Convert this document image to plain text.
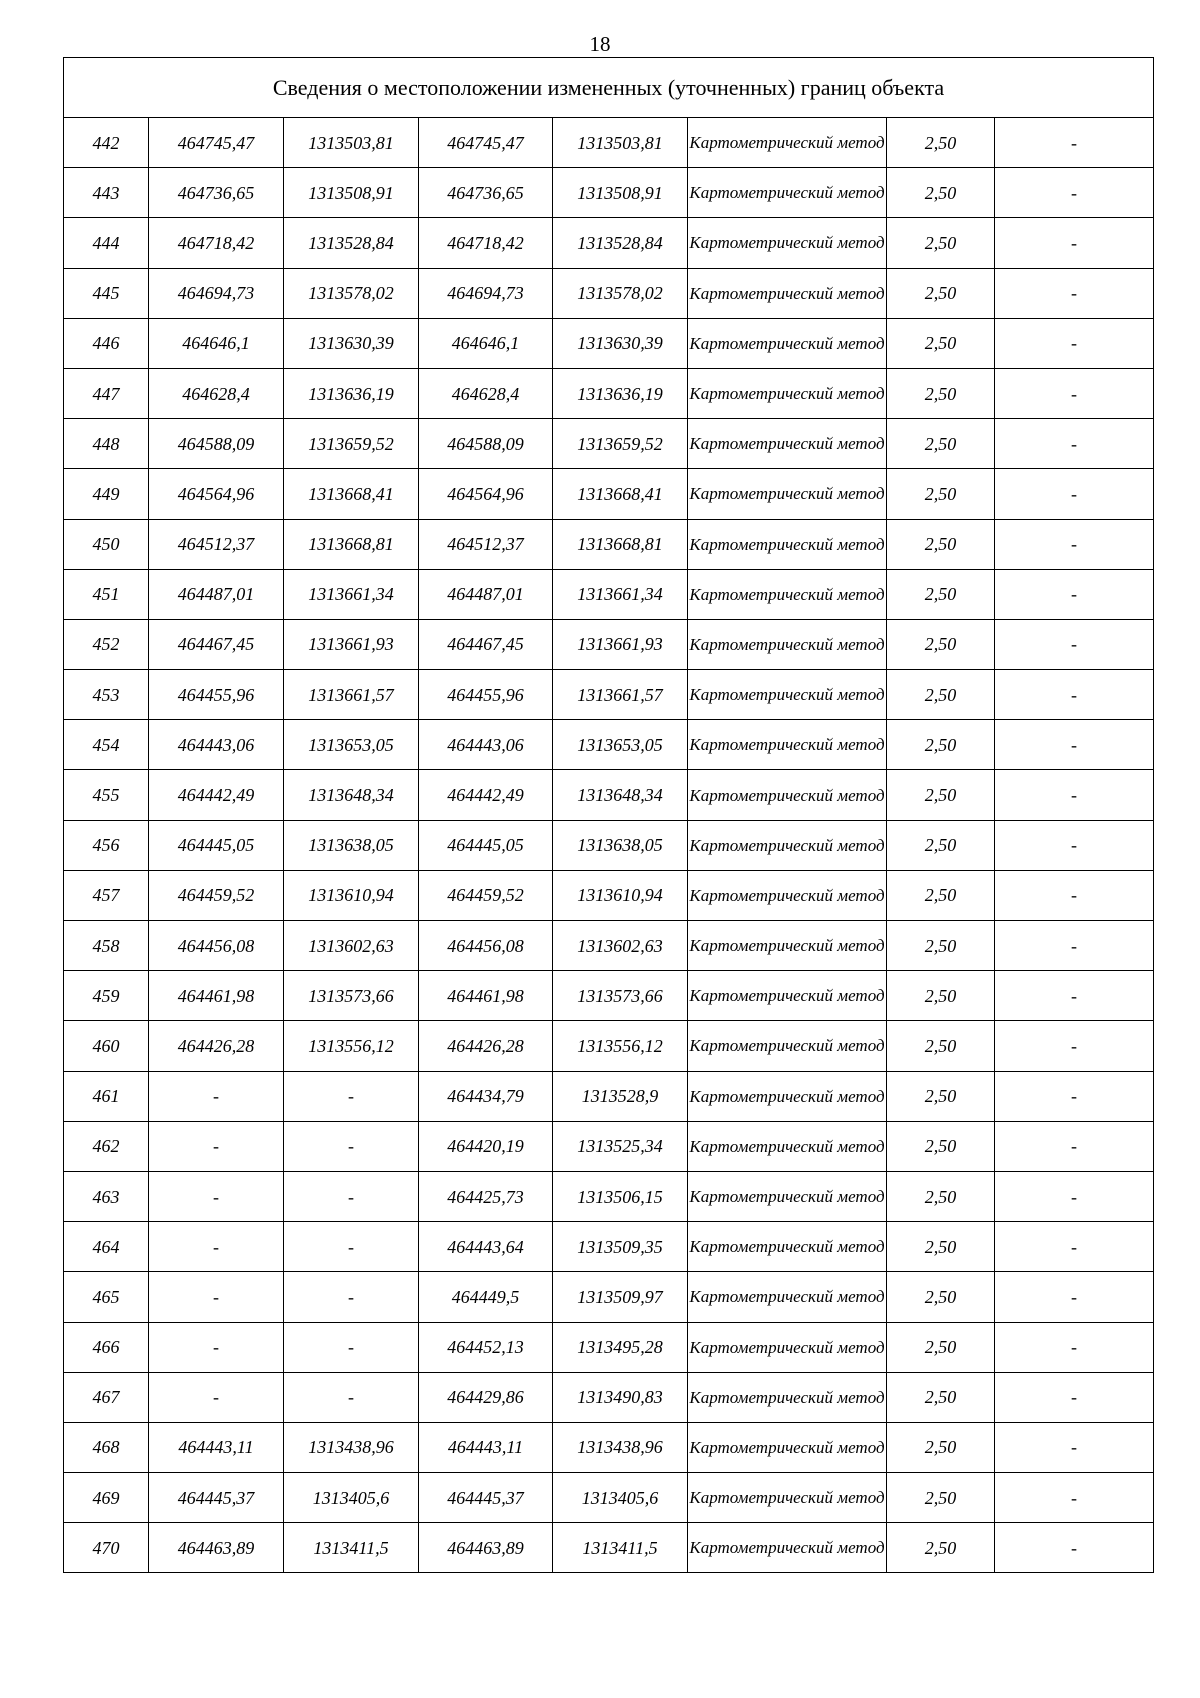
18
Сведения о местоположении измененных (уточненных) границ объекта							
442	464745,47	1313503,81	464745,47	1313503,81	Картометрический метод	2,50	-
443	464736,65	1313508,91	464736,65	1313508,91	Картометрический метод	2,50	-
444	464718,42	1313528,84	464718,42	1313528,84	Картометрический метод	2,50	-
445	464694,73	1313578,02	464694,73	1313578,02	Картометрический метод	2,50	-
446	464646,1	1313630,39	464646,1	1313630,39	Картометрический метод	2,50	-
447	464628,4	1313636,19	464628,4	1313636,19	Картометрический метод	2,50	-
448	464588,09	1313659,52	464588,09	1313659,52	Картометрический метод	2,50	-
449	464564,96	1313668,41	464564,96	1313668,41	Картометрический метод	2,50	-
450	464512,37	1313668,81	464512,37	1313668,81	Картометрический метод	2,50	-
451	464487,01	1313661,34	464487,01	1313661,34	Картометрический метод	2,50	-
452	464467,45	1313661,93	464467,45	1313661,93	Картометрический метод	2,50	-
453	464455,96	1313661,57	464455,96	1313661,57	Картометрический метод	2,50	-
454	464443,06	1313653,05	464443,06	1313653,05	Картометрический метод	2,50	-
455	464442,49	1313648,34	464442,49	1313648,34	Картометрический метод	2,50	-
456	464445,05	1313638,05	464445,05	1313638,05	Картометрический метод	2,50	-
457	464459,52	1313610,94	464459,52	1313610,94	Картометрический метод	2,50	-
458	464456,08	1313602,63	464456,08	1313602,63	Картометрический метод	2,50	-
459	464461,98	1313573,66	464461,98	1313573,66	Картометрический метод	2,50	-
460	464426,28	1313556,12	464426,28	1313556,12	Картометрический метод	2,50	-
461	-	-	464434,79	1313528,9	Картометрический метод	2,50	-
462	-	-	464420,19	1313525,34	Картометрический метод	2,50	-
463	-	-	464425,73	1313506,15	Картометрический метод	2,50	-
464	-	-	464443,64	1313509,35	Картометрический метод	2,50	-
465	-	-	464449,5	1313509,97	Картометрический метод	2,50	-
466	-	-	464452,13	1313495,28	Картометрический метод	2,50	-
467	-	-	464429,86	1313490,83	Картометрический метод	2,50	-
468	464443,11	1313438,96	464443,11	1313438,96	Картометрический метод	2,50	-
469	464445,37	1313405,6	464445,37	1313405,6	Картометрический метод	2,50	-
470	464463,89	1313411,5	464463,89	1313411,5	Картометрический метод	2,50	-
